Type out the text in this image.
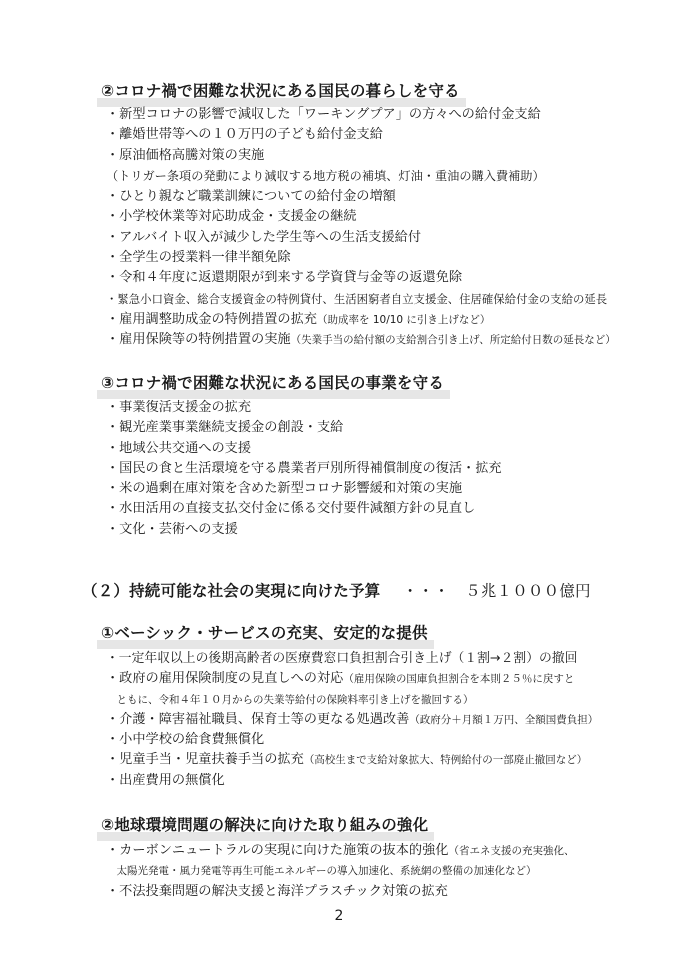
②コロナ禍で困難な状況にある国民の暮らしを守る
・新型コロナの影響で減収した「ワーキングプア」の方々への給付金支給
・離婚世帯等への１０万円の子ども給付金支給
・原油価格高騰対策の実施
（トリガー条項の発動により減収する地方税の補填、灯油・重油の購入費補助）
・ひとり親など職業訓練についての給付金の増額
・小学校休業等対応助成金・支援金の継続
・アルバイト収入が減少した学生等への生活支援給付
・全学生の授業料一律半額免除
・令和４年度に返還期限が到来する学資貸与金等の返還免除
・緊急小口資金、総合支援資金の特例貸付、生活困窮者自立支援金、住居確保給付金の支給の延長
・雇用調整助成金の特例措置の拡充（助成率を 10/10 に引き上げなど）
・雇用保険等の特例措置の実施（失業手当の給付額の支給割合引き上げ、所定給付日数の延長など）
③コロナ禍で困難な状況にある国民の事業を守る
・事業復活支援金の拡充
・観光産業事業継続支援金の創設・支給
・地域公共交通への支援
・国民の食と生活環境を守る農業者戸別所得補償制度の復活・拡充
・米の過剰在庫対策を含めた新型コロナ影響緩和対策の実施
・水田活用の直接支払交付金に係る交付要件減額方針の見直し
・文化・芸術への支援
（２）持続可能な社会の実現に向けた予算 ・・・　５兆１０００億円
①ベーシック・サービスの充実、安定的な提供
・一定年収以上の後期高齢者の医療費窓口負担割合引き上げ（１割→２割）の撤回
・政府の雇用保険制度の見直しへの対応（雇用保険の国庫負担割合を本則２５％に戻すと
　ともに、令和４年１０月からの失業等給付の保険料率引き上げを撤回する）
・介護・障害福祉職員、保育士等の更なる処遇改善（政府分＋月額１万円、全額国費負担）
・小中学校の給食費無償化
・児童手当・児童扶養手当の拡充（高校生まで支給対象拡大、特例給付の一部廃止撤回など）
・出産費用の無償化
②地球環境問題の解決に向けた取り組みの強化
・カーボンニュートラルの実現に向けた施策の抜本的強化（省エネ支援の充実強化、
　太陽光発電・風力発電等再生可能エネルギーの導入加速化、系統網の整備の加速化など）
・不法投棄問題の解決支援と海洋プラスチック対策の拡充
2
